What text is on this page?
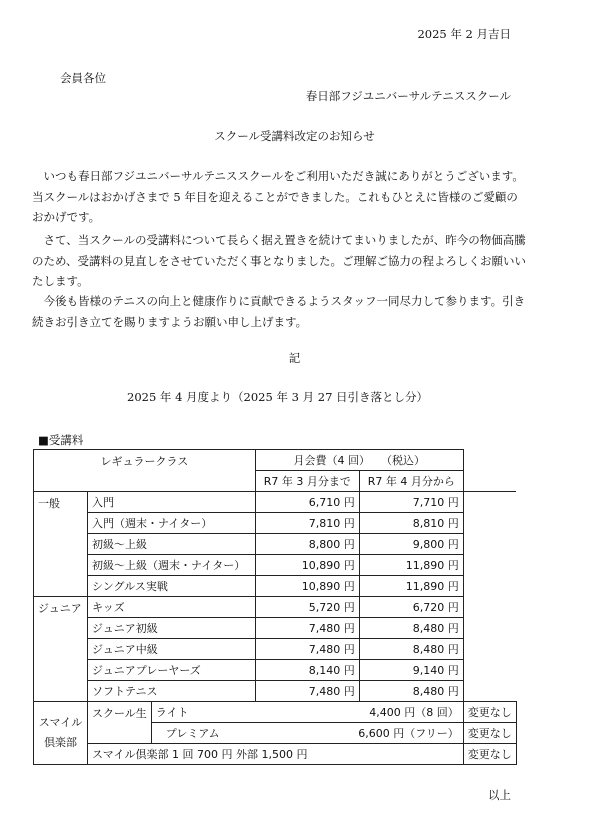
2025 年 2 月吉日
会員各位
春日部フジユニバーサルテニススクール
スクール受講料改定のお知らせ
　いつも春日部フジユニバーサルテニススクールをご利用いただき誠にありがとうございます。当スクールはおかげさまで 5 年目を迎えることができました。これもひとえに皆様のご愛顧のおかげです。
　さて、当スクールの受講料について長らく据え置きを続けてまいりましたが、昨今の物価高騰のため、受講料の見直しをさせていただく事となりました。ご理解ご協力の程よろしくお願いいたします。
　今後も皆様のテニスの向上と健康作りに貢献できるようスタッフ一同尽力して参ります。引き続きお引き立てを賜りますようお願い申し上げます。
記
2025 年 4 月度より（2025 年 3 月 27 日引き落とし分）
■受講料
レギュラークラス			月会費（4 回）　　（税込）		
			R7 年 3 月分まで	R7 年 4 月分から	
一般	入門		6,710 円	7,710 円	
	入門（週末・ナイター）		7,810 円	8,810 円	
	初級～上級		8,800 円	9,800 円	
	初級～上級（週末・ナイター）		10,890 円	11,890 円	
	シングルス実戦		10,890 円	11,890 円	
ジュニア	キッズ		5,720 円	6,720 円	
	ジュニア初級		7,480 円	8,480 円	
	ジュニア中級		7,480 円	8,480 円	
	ジュニアプレーヤーズ		8,140 円	9,140 円	
	ソフトテニス		7,480 円	8,480 円	
スマイル
倶楽部	スクール生	ライト	4,400 円（8 回）		変更なし
		プレミアム	6,600 円（フリー）		変更なし
	スマイル倶楽部 1 回 700 円 外部 1,500 円				変更なし
以上
